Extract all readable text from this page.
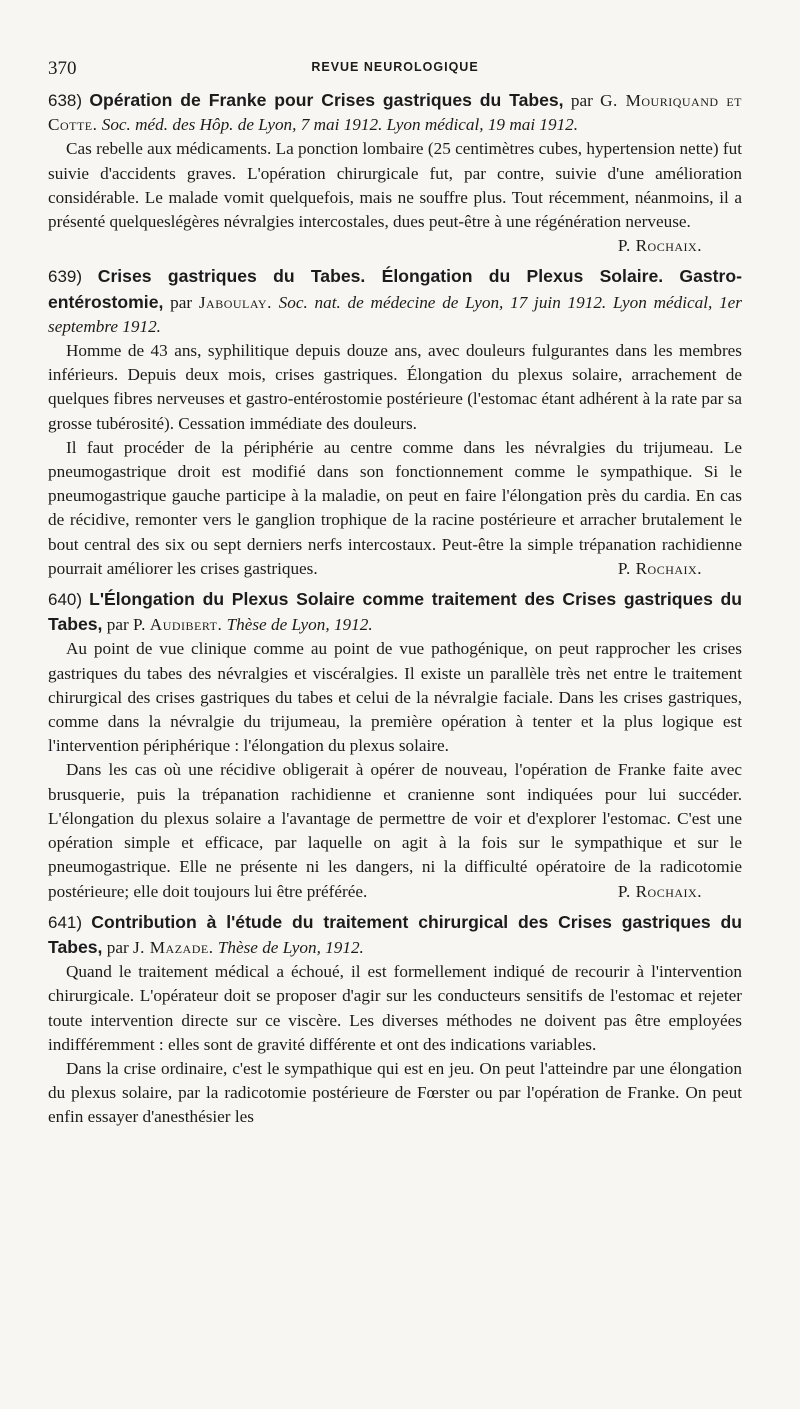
370	REVUE NEUROLOGIQUE

638) Opération de Franke pour Crises gastriques du Tabes, par G. Mouriquand et Cotte. Soc. méd. des Hôp. de Lyon, 7 mai 1912. Lyon médical, 19 mai 1912.

Cas rebelle aux médicaments. La ponction lombaire (25 centimètres cubes, hypertension nette) fut suivie d'accidents graves. L'opération chirurgicale fut, par contre, suivie d'une amélioration considérable. Le malade vomit quelquefois, mais ne souffre plus. Tout récemment, néanmoins, il a présenté quelqueslégères névralgies intercostales, dues peut-être à une régénération nerveuse.

P. Rochaix.

639) Crises gastriques du Tabes. Élongation du Plexus Solaire. Gastro-entérostomie, par Jaboulay. Soc. nat. de médecine de Lyon, 17 juin 1912. Lyon médical, 1er septembre 1912.

Homme de 43 ans, syphilitique depuis douze ans, avec douleurs fulgurantes dans les membres inférieurs. Depuis deux mois, crises gastriques. Élongation du plexus solaire, arrachement de quelques fibres nerveuses et gastro-entérostomie postérieure (l'estomac étant adhérent à la rate par sa grosse tubérosité). Cessation immédiate des douleurs.

Il faut procéder de la périphérie au centre comme dans les névralgies du trijumeau. Le pneumogastrique droit est modifié dans son fonctionnement comme le sympathique. Si le pneumogastrique gauche participe à la maladie, on peut en faire l'élongation près du cardia. En cas de récidive, remonter vers le ganglion trophique de la racine postérieure et arracher brutalement le bout central des six ou sept derniers nerfs intercostaux. Peut-être la simple trépanation rachidienne pourrait améliorer les crises gastriques.	P. Rochaix.

640) L'Élongation du Plexus Solaire comme traitement des Crises gastriques du Tabes, par P. Audibert. Thèse de Lyon, 1912.

Au point de vue clinique comme au point de vue pathogénique, on peut rapprocher les crises gastriques du tabes des névralgies et viscéralgies. Il existe un parallèle très net entre le traitement chirurgical des crises gastriques du tabes et celui de la névralgie faciale. Dans les crises gastriques, comme dans la névralgie du trijumeau, la première opération à tenter et la plus logique est l'intervention périphérique : l'élongation du plexus solaire.

Dans les cas où une récidive obligerait à opérer de nouveau, l'opération de Franke faite avec brusquerie, puis la trépanation rachidienne et cranienne sont indiquées pour lui succéder. L'élongation du plexus solaire a l'avantage de permettre de voir et d'explorer l'estomac. C'est une opération simple et efficace, par laquelle on agit à la fois sur le sympathique et sur le pneumogastrique. Elle ne présente ni les dangers, ni la difficulté opératoire de la radicotomie postérieure; elle doit toujours lui être préférée.	P. Rochaix.

641) Contribution à l'étude du traitement chirurgical des Crises gastriques du Tabes, par J. Mazade. Thèse de Lyon, 1912.

Quand le traitement médical a échoué, il est formellement indiqué de recourir à l'intervention chirurgicale. L'opérateur doit se proposer d'agir sur les conducteurs sensitifs de l'estomac et rejeter toute intervention directe sur ce viscère. Les diverses méthodes ne doivent pas être employées indifféremment : elles sont de gravité différente et ont des indications variables.

Dans la crise ordinaire, c'est le sympathique qui est en jeu. On peut l'atteindre par une élongation du plexus solaire, par la radicotomie postérieure de Fœrster ou par l'opération de Franke. On peut enfin essayer d'anesthésier les
